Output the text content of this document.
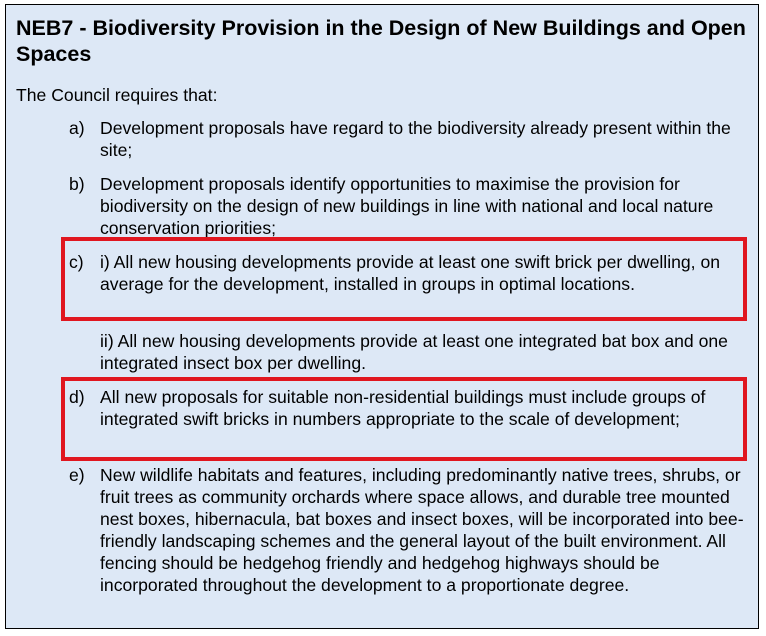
NEB7 - Biodiversity Provision in the Design of New Buildings and Open Spaces

The Council requires that:

a) Development proposals have regard to the biodiversity already present within the site;

b) Development proposals identify opportunities to maximise the provision for biodiversity on the design of new buildings in line with national and local nature conservation priorities;

c) i) All new housing developments provide at least one swift brick per dwelling, on average for the development, installed in groups in optimal locations.

ii) All new housing developments provide at least one integrated bat box and one integrated insect box per dwelling.

d) All new proposals for suitable non-residential buildings must include groups of integrated swift bricks in numbers appropriate to the scale of development;

e) New wildlife habitats and features, including predominantly native trees, shrubs, or fruit trees as community orchards where space allows, and durable tree mounted nest boxes, hibernacula, bat boxes and insect boxes, will be incorporated into bee-friendly landscaping schemes and the general layout of the built environment. All fencing should be hedgehog friendly and hedgehog highways should be incorporated throughout the development to a proportionate degree.
